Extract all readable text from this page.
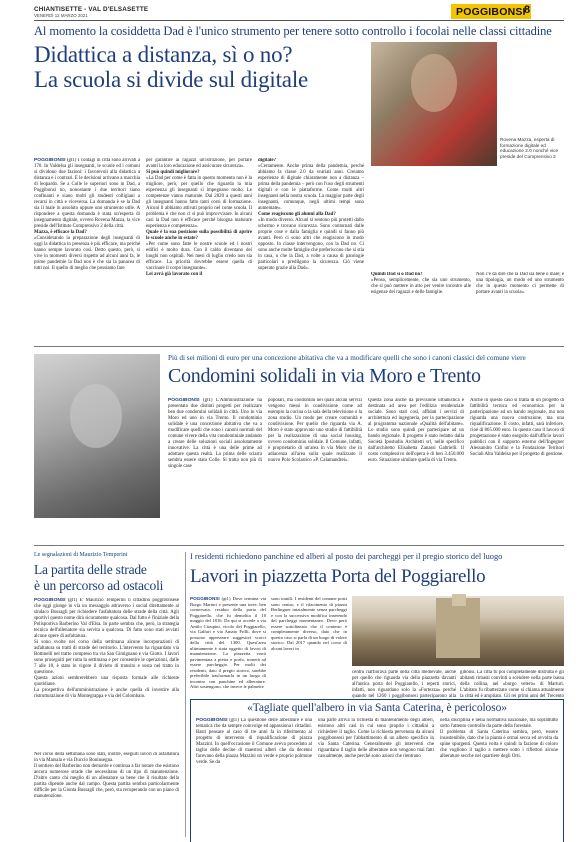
CHIANTISETTE - VAL D'ELSASETTE
VENERDÌ 12 MARZO 2021	POGGIBONSI
8
Al momento la cosiddetta Dad è l'unico strumento per tenere sotto controllo i focolai nelle classi cittadine
Didattica a distanza, sì o no?
La scuola si divide sul digitale
Rovena Mazza, esperta di formazione digitale ed educazione 2.0 nonché vice preside del Comprensivo 2
POGGIBONSI (gt1) I contagi in città sono arrivati a 170. In Valdelsa gli insegnanti, le scuole ed i comuni si dividono due fazioni: i favorevoli alla didattica a distanza e i contrari. E le decisioni arrivano a macchia di leopardo. Se a Colle le superiori sono in Dad, a Poggibonsi no, nonostante i due territori siano confinanti e siano molti gli studenti colligiani a recarsi in città e viceversa. La domanda è se la Dad sia il male in assoluto oppure uno strumento utile. A rispondere a questa domanda è stata un'esperta di insegnamento digitale, ovvero Rovena Mazza, la vice preside dell'Istituto Comprensivo 2 della città.
Mazza, è efficace la Dad?
«Considerando la preparazione degli insegnanti di oggi la didattica in presenza è più efficace, ma perché hanno sempre lavorato così. Detto questo, però, si vive in momenti diversi rispetto ad alcuni anni fa, le prime pandemie la Dad non è che sia la panacea di tutti noi. Il quello di meglio che possiamo fare
per garantire ai ragazzi un'istruzione, per portare avanti la loro educazione ed assicurare sicurezza».
Si può quindi migliorare?
«La Dad per come è fatta in questo momento non è la migliore, però, per quello che riguarda la mia esperienza gli insegnanti si impegnano molto. Le competenze vanno maturate. Dal 2020 a questi anni gli insegnanti hanno fatto tanti corsi di formazione. Alcuni li abbiamo attivati proprio nel come scuola. Il problema è che non ci si può improvvisare. In alcuni casi la Dad non è efficace perché bisogna maturare esperienza e competenza».
Quale è la sua posizione sulla possibilità di aprire le scuole anche in estate?
«Per come sono fatte le nostre scuole ed i nostri edifici è molto dura. Con il caldo diventano dei luoghi non ospitali. Nei mesi di luglio credo non sia efficace. La priorità dovrebbe essere quella di vaccinare il corpo insegnante».
Lei avrà già lavorato con il
digitale?
«Certamente. Anche prima della pandemia, perché abbiamo la classe 2.0 da svariati anni. Creiamo esperienze di digitale chiaramente non a distanza – prima della pandemia – però con l'uso degli strumenti digitali e con le piattaforme. Come molti altri insegnanti nella nostra scuola. La maggior parte degli insegnanti, comunque, negli ultimi tempi sono aumentate».
Come reagiscono gli alunni alla Dad?
«In modo diverso. Alcuni si sentono più protetti dallo schermo e trovano sicurezza. Sono contornati dalle proprie cose e dalla famiglia e quindi si fanno più avanti. Però ci sono altri che reagiscono in modo opposto. In classe intervengono, con la Dad no. Ci sono anche molte famiglie che preferiscono che si stia in casa, o che la Dad, a volte a causa di patologie particolari o predilgono la sicurezza. Ciò viene superato grazie alla Dad».
Quindi Dad sì o Dad no?
«Penso, semplicemente, che sia uno strumento, che si può mettere in atto per venire incontro alle esigenze dei ragazzi e delle famiglie.
Non c'è da dire che la Dad sia bene o male; è una tipologia, un modo ed uno strumento che in questo momento ci permette di portare avanti la scuola».
Più di sei milioni di euro per una concezione abitativa che va a modificare quelli che sono i canoni classici del comune viere
Condomini solidali in via Moro e Trento
POGGIBONSI (gt1) L'Amministrazione ha presentato due distinti progetti per realizzare ben due condomini solidali in città. Uno in via Moro ed uno in via Trento. Il condominio solidale è una concezione abitativa che va a modificare quelli che sono i canoni normali del comune vivere della vita condominiale andando a creare delle soluzioni sociali assolutamente innovative. La città è una delle prime ad adottare questa realtà. La prima delle sciarra sembra essere stata Colle. Si tratta non più di singole case
popolari, ma condomini nei quali alcuni servizi vengono messi in condivisione come ad esempio la cucina o la sala della televisione o la zona studio. Un modo per creare comunità e condivisione. Per quello che riguarda via A. Moro è stato approvato uno studio di fattibilità per la realizzazione di una social housing, ovvero condominio solidale. Il Comune, infatti, è proprietario di un'area in via Moro che in adiacenza all'area sulla quale realizzato il nuovo Polo Scolastico «P. Calamandrei».
Questa zona anche da previsione urbanistica è destinata ad area per l'edilizia residenziale sociale. Sono stati così, affidati i servizi di architettura ed ingegneria, per la partecipazione al programma nazionale «Qualità dell'abitare». Lo studio sono quindi per partecipare ad un bando regionale. Il progetto è stato redatto dalla Società Ipostudio Architetti srl, nelle specifico dall'architetto Elisabetta Zanassi Gabrielli. Il costo complessivo dell'opera è di ben 3.450.000 euro. Situazione similare quella di via Trento.
Anche in questo caso si tratta di un progetto di fattibilità tecnica ed economica per la partecipazione ad un bando regionale, ma non riguarda una nuova costruzione, ma una riqualificazione. Il costo, infatti, sarà inferiore, cioè di 865.000 euro. In questo caso il lavoro di progettazione è stato eseguito dall'ufficio lavori pubblici con il supporto esterno dell'Ingegner Alessandro Cinfini e la Fondazione Territori Sociali Alta Valdelsa per il progetto di gestione.
Le segnalazioni di Maurizio Temperini
La partita delle strade
è un percorso ad ostacoli
POGGIBONSI (gt1) E' Maurizio Temperini il cittadino poggibonsese che oggi giunge in via un messaggio attraverso i social direttamente al sindaco Bussagli per richiedere l'asfaltatura delle strade della città. Agli sportivi questo nome dirà sicuramente qualcosa. Dal futto è l'iniziale della Polisportiva Barberino Val d'Elsa. In parte sembra che, però, la strategia tecnica dell'allenatore sia servita a qualcosa. Di fatto sono stati avviati alcune opere di asfaltatura.
Si sono svolte nel corso della settimana alcune incorporazioni di asfaltatura su tratti di strade del territorio. L'intervento ha riguardato via Bottinelli nel tratto compreso tra via San Gimignano e via Giotto. I lavori sono proseguiti per tutta la settimana e per consentire le operazioni, dalle 7 alle 18, è stato in vigore il divieto di transito e sosta nel tratto in questione.
Questa azioni sembrerebbero una risposta formale alle richieste quotidiane.
La prospettiva dell'amministrazione è anche quella di investire alla ristrutturazione di via Montegrappa e via del Colombaio.
Nel corso della settimana sono stati, inoltre, eseguiti lavori di asfaltatura in via Marsala e via Duccio Boninsegna.
Il sentiero del Barberino non demorde e continua a far notare che esistono ancora numerose strade che necessitano di un tipo di manutenzione. D'altro canto chi meglio di un allenatore sa bene che il risultato della partita dipende anche dal campo. Questa partita sembra particolarmente difficile per la Giunta Bussagli che, però, sta recuperando con un piano di manutenzione.
I residenti richiedono panchine ed alberi al posto dei parcheggi per il pregio storico del luogo
Lavori in piazzetta Porta del Poggiarello
POGGIBONSI (gt1) Dove termina via Borgo Marturi e presente una torre, ben conservata, residuo della porta del Poggiarello, che fu demolita il 10 maggio del 1816. Da qui si accede a via Antilo Cioupini, vicolo del Poggiarello, via Galluri e via Amato Frilli, dove si possono apprezzare suggestivi scorci della città del 1300. Quest'area ultimamente è stata oggetto di lavori di manutenzione. La piazzetta verrà pavimentata a pietra e porfo, tornerà ad essere parcheggio. Per molti dei residenti, dato il pregio storico, sarebbe preferibile trasformarla in un luogo di incontro con panchine ed alberature. Altri sostengono, che invece le palmette
sono inutili. I residenti del comune posti sono centro, e il rifacimento di piazza Berlinguer inizialmente senza parcheggi e con la successiva modifica inserendo del parcheggi momentaneo. Devo però essere sottolineato che il contesto è completamente diverso, dato che in questo caso si parla di un luogo di valore storico. Dal 2017 quando nel corso di alcuni lavori in
centro riaffiorava parte della città medievale, anche per quello che riguarda via della piazzetta davanti all'antica porta del Poggiarello, i reperti storici, infatti, non riguardano solo la «Fortezza» perché quando nel 1260 i poggibonsesi parteciparono alla
gibonsi. La città fu poi completamente distrutta e gli abitanti rimasti convinti a scendere nella parte bassa della collina, nel «borgo vetero» di Marturi. L'abitato fu ribattezzato come si chiama attualmente la città ed è ampliato. Gli rei primi anni del Trecento
«Tagliate quell'albero in via Santa Caterina, è pericoloso»
POGGIBONSI (gt1) La questione delle alberature è una tematica che da sempre coinvolge ed appassiona i cittadini. Basti pensare al caso di tre anni fa in riferimento al progetto di intervento di riqualificazione di piazza Mazzini. In quell'occasione il Comune aveva proceduto al taglio delle decine di maestosi alberi che da decenni facevano della piazza Mazzini un verde e proprio polmone verde. Se da
una parte arriva la richiesta di mantenimento degli alberi, esistono altri casi in cui sono proprio i cittadini a richiedere il taglio. Come la richiesta pervenuta da alcuni poggibonsesi per l'abbattimento di un albero specifico in via Santa Caterina. Generalmente gli interventi che riguardano il taglio delle alberature non vengono mai fatti casualmente, anche perché sono azioni che rientrano
nella disciplina e nella normativa nazionale, ma soprattutto sotto l'attento controllo da parte della forestale.
Il problema di Santa Caterina sembra, però, essere insostenibile, dato che la pianta è ormai secca ed avvolta da spine spurgenti. Questa volta è quindi la fazione di coloro che vogliono il taglio a mettere sotto i riflettori alcune alberature secche nel quartiere degli Orti.
